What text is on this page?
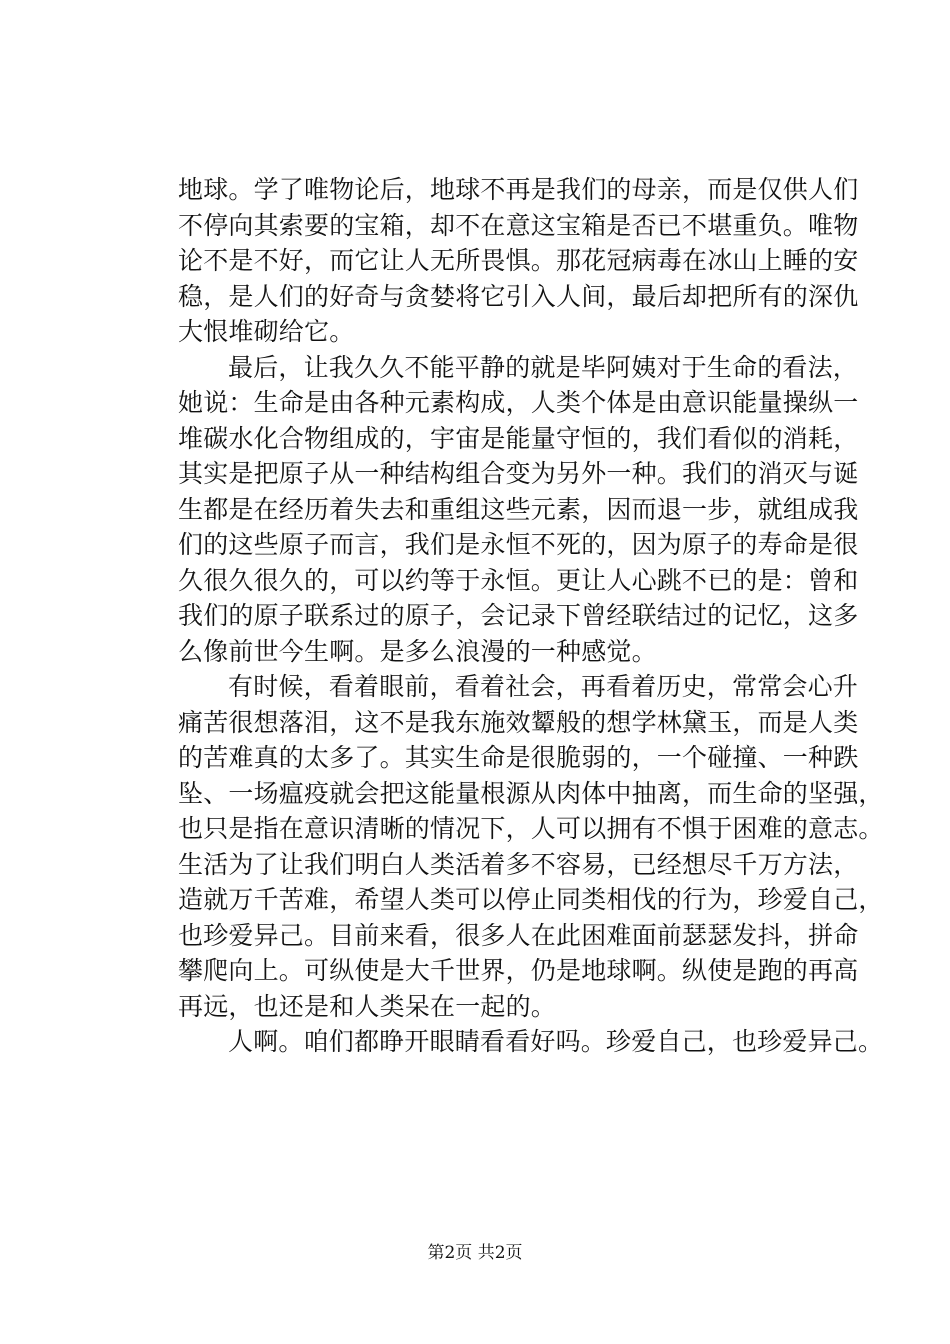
地球。学了唯物论后，地球不再是我们的母亲，而是仅供人们
不停向其索要的宝箱，却不在意这宝箱是否已不堪重负。唯物
论不是不好，而它让人无所畏惧。那花冠病毒在冰山上睡的安
稳，是人们的好奇与贪婪将它引入人间，最后却把所有的深仇
大恨堆砌给它。
最后，让我久久不能平静的就是毕阿姨对于生命的看法，
她说：生命是由各种元素构成，人类个体是由意识能量操纵一
堆碳水化合物组成的，宇宙是能量守恒的，我们看似的消耗，
其实是把原子从一种结构组合变为另外一种。我们的消灭与诞
生都是在经历着失去和重组这些元素，因而退一步，就组成我
们的这些原子而言，我们是永恒不死的，因为原子的寿命是很
久很久很久的，可以约等于永恒。更让人心跳不已的是：曾和
我们的原子联系过的原子，会记录下曾经联结过的记忆，这多
么像前世今生啊。是多么浪漫的一种感觉。
有时候，看着眼前，看着社会，再看着历史，常常会心升
痛苦很想落泪，这不是我东施效颦般的想学林黛玉，而是人类
的苦难真的太多了。其实生命是很脆弱的，一个碰撞、一种跌
坠、一场瘟疫就会把这能量根源从肉体中抽离，而生命的坚强，
也只是指在意识清晰的情况下，人可以拥有不惧于困难的意志。
生活为了让我们明白人类活着多不容易，已经想尽千万方法，
造就万千苦难，希望人类可以停止同类相伐的行为，珍爱自己，
也珍爱异己。目前来看，很多人在此困难面前瑟瑟发抖，拼命
攀爬向上。可纵使是大千世界，仍是地球啊。纵使是跑的再高
再远，也还是和人类呆在一起的。
人啊。咱们都睁开眼睛看看好吗。珍爱自己，也珍爱异己。
第2页 共2页
